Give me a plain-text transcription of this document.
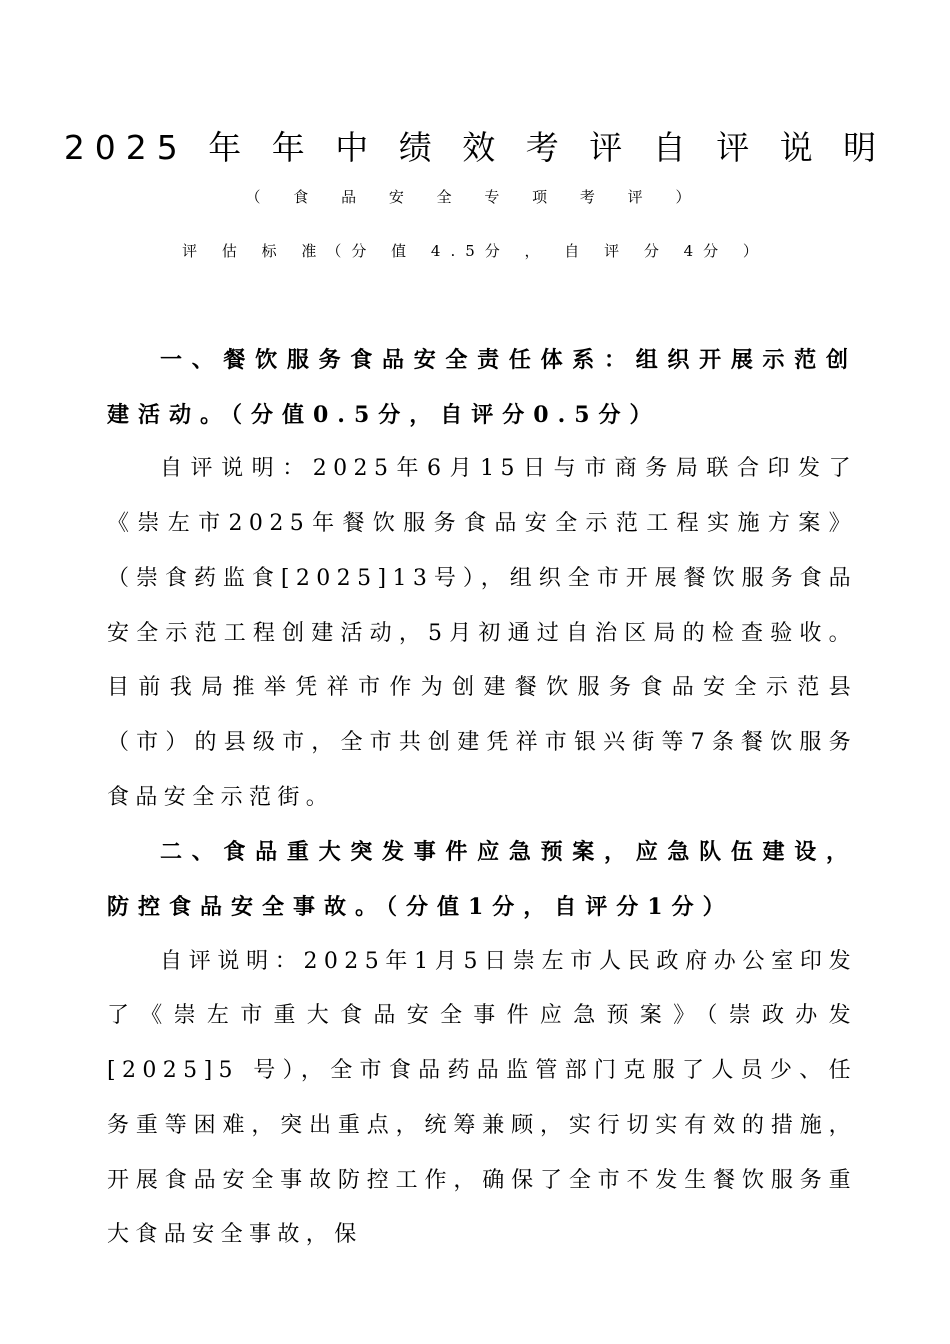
2025 年 年 中 绩 效 考 评 自 评 说 明
（ 食 品 安 全 专 项 考 评 ）
评 估 标 准（分 值 4.5分 ， 自 评 分 4分 ）

一、餐饮服务食品安全责任体系：组织开展示范创建活动。（分值0.5分，自评分0.5分）

自评说明：2025年6月15日与市商务局联合印发了《崇左市2025年餐饮服务食品安全示范工程实施方案》（崇食药监食[2025]13号），组织全市开展餐饮服务食品安全示范工程创建活动，5月初通过自治区局的检查验收。目前我局推举凭祥市作为创建餐饮服务食品安全示范县（市）的县级市，全市共创建凭祥市银兴街等7条餐饮服务食品安全示范街。

二、食品重大突发事件应急预案，应急队伍建设，防控食品安全事故。（分值1分，自评分1分）

自评说明：2025年1月5日崇左市人民政府办公室印发了《崇左市重大食品安全事件应急预案》（崇政办发[2025]5 号），全市食品药品监管部门克服了人员少、任务重等困难，突出重点，统筹兼顾，实行切实有效的措施，开展食品安全事故防控工作，确保了全市不发生餐饮服务重大食品安全事故，保
